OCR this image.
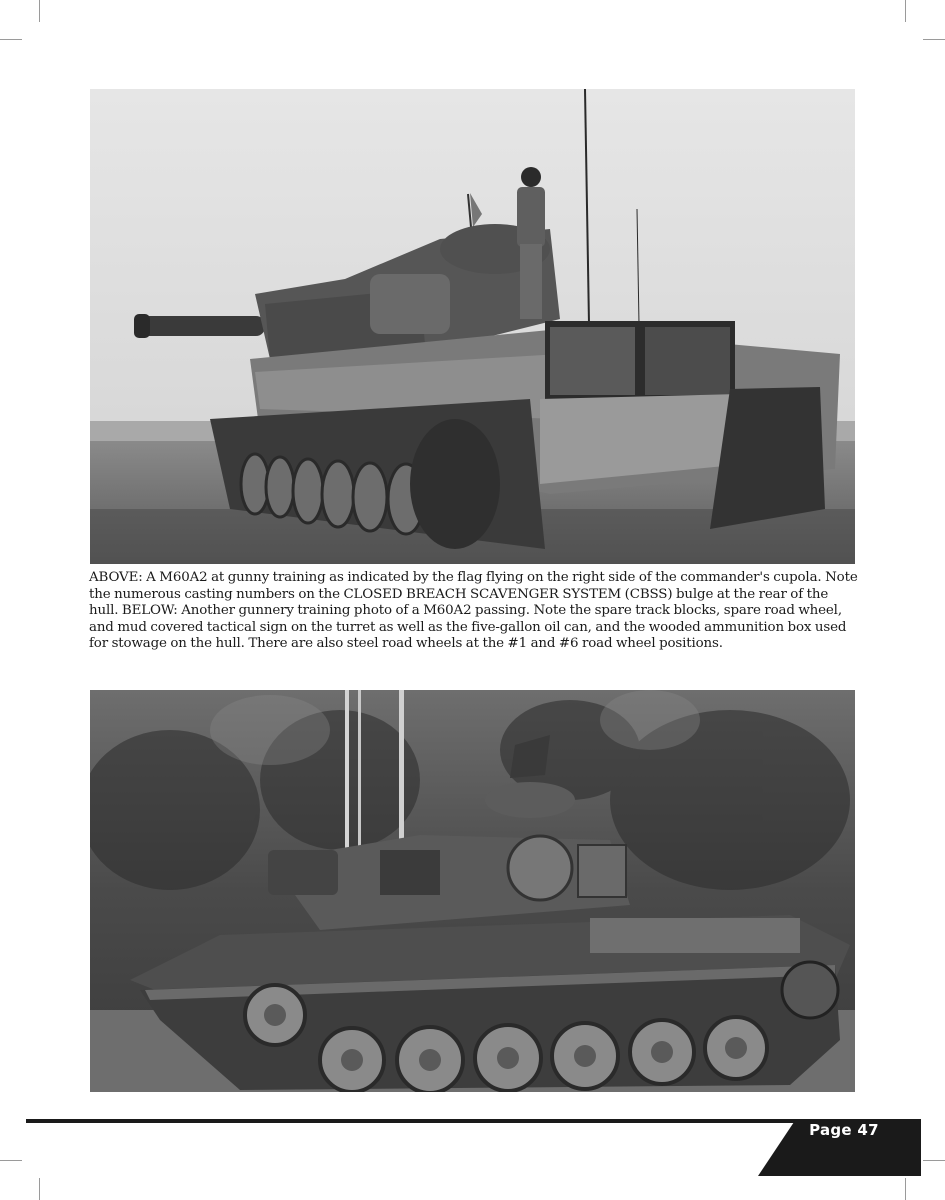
ABOVE: A M60A2 at gunny training as indicated by the flag flying on the right side of the commander's cupola. Note the numerous casting numbers on the CLOSED BREACH SCAVENGER SYSTEM (CBSS) bulge at the rear of the hull. BELOW: Another gunnery training photo of a M60A2 passing. Note the spare track blocks, spare road wheel, and mud covered tactical sign on the turret as well as the five-gallon oil can, and the wooded ammunition box used for stowage on the hull. There are also steel road wheels at the #1 and #6 road wheel positions.

Page 47
